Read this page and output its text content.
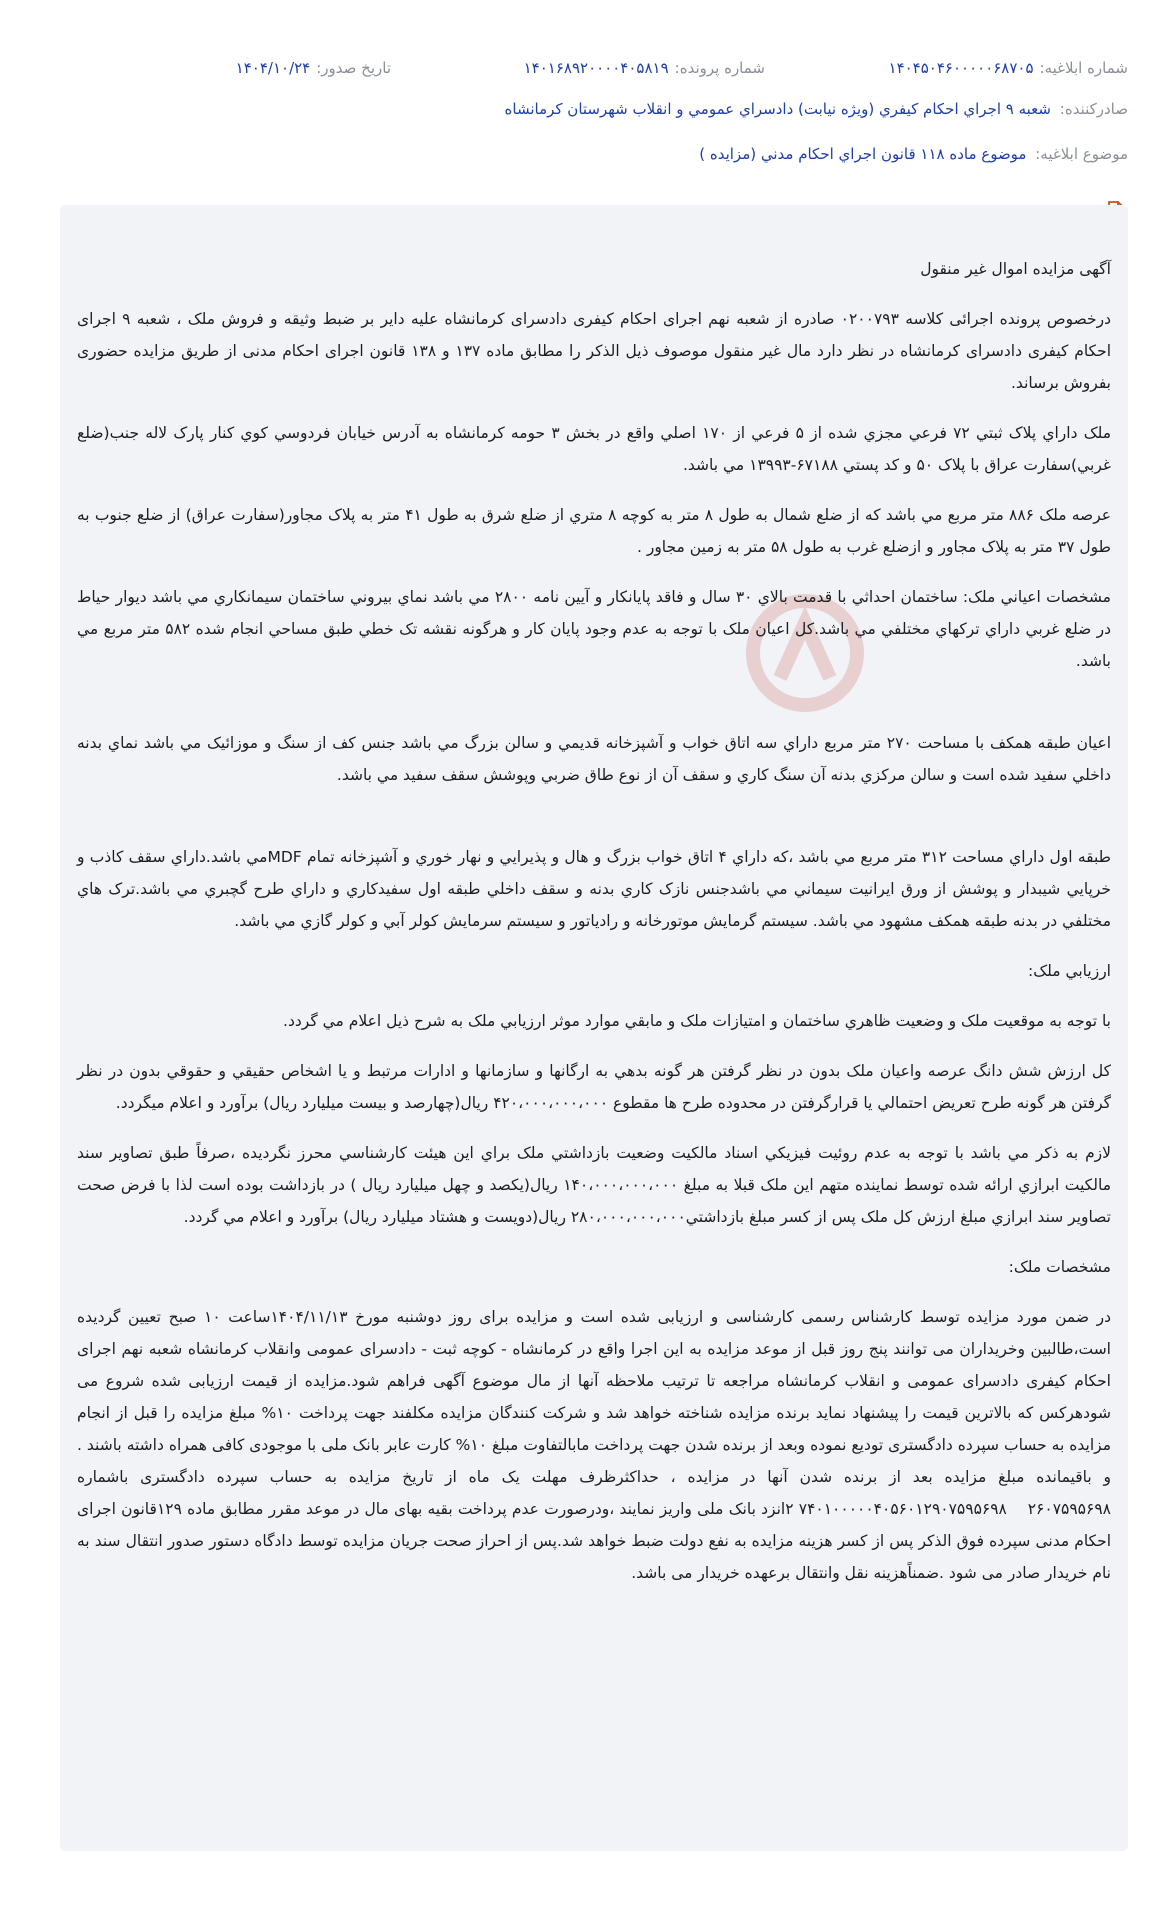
شماره ابلاغیه:
۱۴۰۴۵۰۴۶۰۰۰۰۰۶۸۷۰۵
شماره پرونده:
۱۴۰۱۶۸۹۲۰۰۰۰۴۰۵۸۱۹
تاریخ صدور:
۱۴۰۴/۱۰/۲۴
صادرکننده: شعبه ۹ اجراي احكام كيفري (ويژه نيابت) دادسراي عمومي و انقلاب شهرستان كرمانشاه
موضوع ابلاغیه: موضوع ماده ۱۱۸ قانون اجراي احكام مدني (مزايده )

آگهی مزایده اموال غیر منقول

درخصوص پرونده اجرائی کلاسه ۰۲۰۰۷۹۳ صادره از شعبه نهم اجرای احکام کیفری دادسرای کرمانشاه علیه دایر بر ضبط وثیقه و فروش ملک ، شعبه ۹ اجرای احکام کیفری دادسرای کرمانشاه در نظر دارد مال غیر منقول موصوف ذیل الذکر را مطابق ماده ۱۳۷ و ۱۳۸ قانون اجرای احکام مدنی از طریق مزایده حضوری بفروش برساند.

ملک داراي پلاک ثبتي ۷۲ فرعي مجزي شده از ۵ فرعي از ۱۷۰ اصلي واقع در بخش ۳ حومه کرمانشاه به آدرس خيابان فردوسي کوي کنار پارک لاله جنب(ضلع غربي)سفارت عراق با پلاک ۵۰ و کد پستي ۶۷۱۸۸-۱۳۹۹۳ مي باشد.

عرصه ملک ۸۸۶ متر مربع مي باشد که از ضلع شمال به طول ۸ متر به کوچه ۸ متري از ضلع شرق به طول ۴۱ متر به پلاک مجاور(سفارت عراق) از ضلع جنوب به طول ۳۷ متر به پلاک مجاور و ازضلع غرب به طول ۵۸ متر به زمين مجاور .

مشخصات اعياني ملک: ساختمان احداثي با قدمت بالاي ۳۰ سال و فاقد پايانکار و آيين نامه ۲۸۰۰ مي باشد نماي بيروني ساختمان سيمانکاري مي باشد ديوار حياط در ضلع غربي داراي ترکهاي مختلفي مي باشد.کل اعيان ملک با توجه به عدم وجود پايان کار و هرگونه نقشه تک خطي طبق مساحي انجام شده ۵۸۲ متر مربع مي باشد.

اعيان طبقه همکف با مساحت ۲۷۰ متر مربع داراي سه اتاق خواب و آشپزخانه قديمي و سالن بزرگ مي باشد جنس کف از سنگ و موزائيک مي باشد نماي بدنه داخلي سفيد شده است و سالن مرکزي بدنه آن سنگ کاري و سقف آن از نوع طاق ضربي وپوشش سقف سفيد مي باشد.

طبقه اول داراي مساحت ۳۱۲ متر مربع مي باشد ،که داراي ۴ اتاق خواب بزرگ و هال و پذيرايي و نهار خوري و آشپزخانه تمام MDFمي باشد.داراي سقف کاذب و خرپايي شيبدار و پوشش از ورق ايرانيت سيماني مي باشدجنس نازک کاري بدنه و سقف داخلي طبقه اول سفيدکاري و داراي طرح گچبري مي باشد.ترک هاي مختلفي در بدنه طبقه همکف مشهود مي باشد. سيستم گرمايش موتورخانه و رادياتور و سيستم سرمايش کولر آبي و کولر گازي مي باشد.

ارزيابي ملک:

با توجه به موقعيت ملک و وضعيت ظاهري ساختمان و امتيازات ملک و مابقي موارد موثر ارزيابي ملک به شرح ذيل اعلام مي گردد.

کل ارزش شش دانگ عرصه واعيان ملک بدون در نظر گرفتن هر گونه بدهي به ارگانها و سازمانها و ادارات مرتبط و يا اشخاص حقيقي و حقوقي بدون در نظر گرفتن هر گونه طرح تعريض احتمالي يا قرارگرفتن در محدوده طرح ها مقطوع ۴۲۰،۰۰۰،۰۰۰،۰۰۰ ريال(چهارصد و بيست ميليارد ريال) برآورد و اعلام ميگردد.

لازم به ذکر مي باشد با توجه به عدم روئيت فيزيکي اسناد مالکيت وضعيت بازداشتي ملک براي اين هيئت کارشناسي محرز نگرديده ،صرفاً طبق تصاوير سند مالکيت ابرازي ارائه شده توسط نماينده متهم اين ملک قبلا به مبلغ ۱۴۰،۰۰۰،۰۰۰،۰۰۰ ريال(يکصد و چهل ميليارد ريال ) در بازداشت بوده است لذا با فرض صحت تصاوير سند ابرازي مبلغ ارزش کل ملک پس از کسر مبلغ بازداشتي۲۸۰،۰۰۰،۰۰۰،۰۰۰ ريال(دويست و هشتاد ميليارد ريال) برآورد و اعلام مي گردد.

مشخصات ملک:

در ضمن مورد مزایده توسط کارشناس رسمی کارشناسی و ارزیابی شده است و مزایده برای روز دوشنبه مورخ ۱۴۰۴/۱۱/۱۳ساعت ۱۰ صبح تعیین گردیده است،طالبین وخریداران می توانند پنج روز قبل از موعد مزایده به این اجرا واقع در کرمانشاه - کوچه ثبت - دادسرای عمومی وانقلاب کرمانشاه شعبه نهم اجرای احکام کیفری دادسرای عمومی و انقلاب کرمانشاه مراجعه تا ترتیب ملاحظه آنها از مال موضوع آگهی فراهم شود.مزایده از قیمت ارزیابی شده شروع می شودهرکس که بالاترین قیمت را پیشنهاد نماید برنده مزایده شناخته خواهد شد و شرکت کنندگان مزایده مکلفند جهت پرداخت ۱۰% مبلغ مزایده را قبل از انجام مزایده به حساب سپرده دادگستری تودیع نموده وبعد از برنده شدن جهت پرداخت مابالتفاوت مبلغ ۱۰% کارت عابر بانک ملی با موجودی کافی همراه داشته باشند . و باقیمانده مبلغ مزایده بعد از برنده شدن آنها در مزایده ، حداکثرظرف مهلت یک ماه از تاریخ مزایده به حساب سپرده دادگستری باشماره ۲۶۰۷۵۹۵۶۹۸    ۷۴۰۱۰۰۰۰۰۴۰۵۶۰۱۲۹۰۷۵۹۵۶۹۸ ۲انزد بانک ملی واریز نمایند ،ودرصورت عدم پرداخت بقیه بهای مال در موعد مقرر مطابق ماده ۱۲۹قانون اجرای احکام مدنی سپرده فوق الذکر پس از کسر هزینه مزایده به نفع دولت ضبط خواهد شد.پس از احراز صحت جریان مزایده توسط دادگاه دستور صدور انتقال سند به نام خریدار صادر می شود .ضمناًهزینه نقل وانتقال برعهده خریدار می باشد.
